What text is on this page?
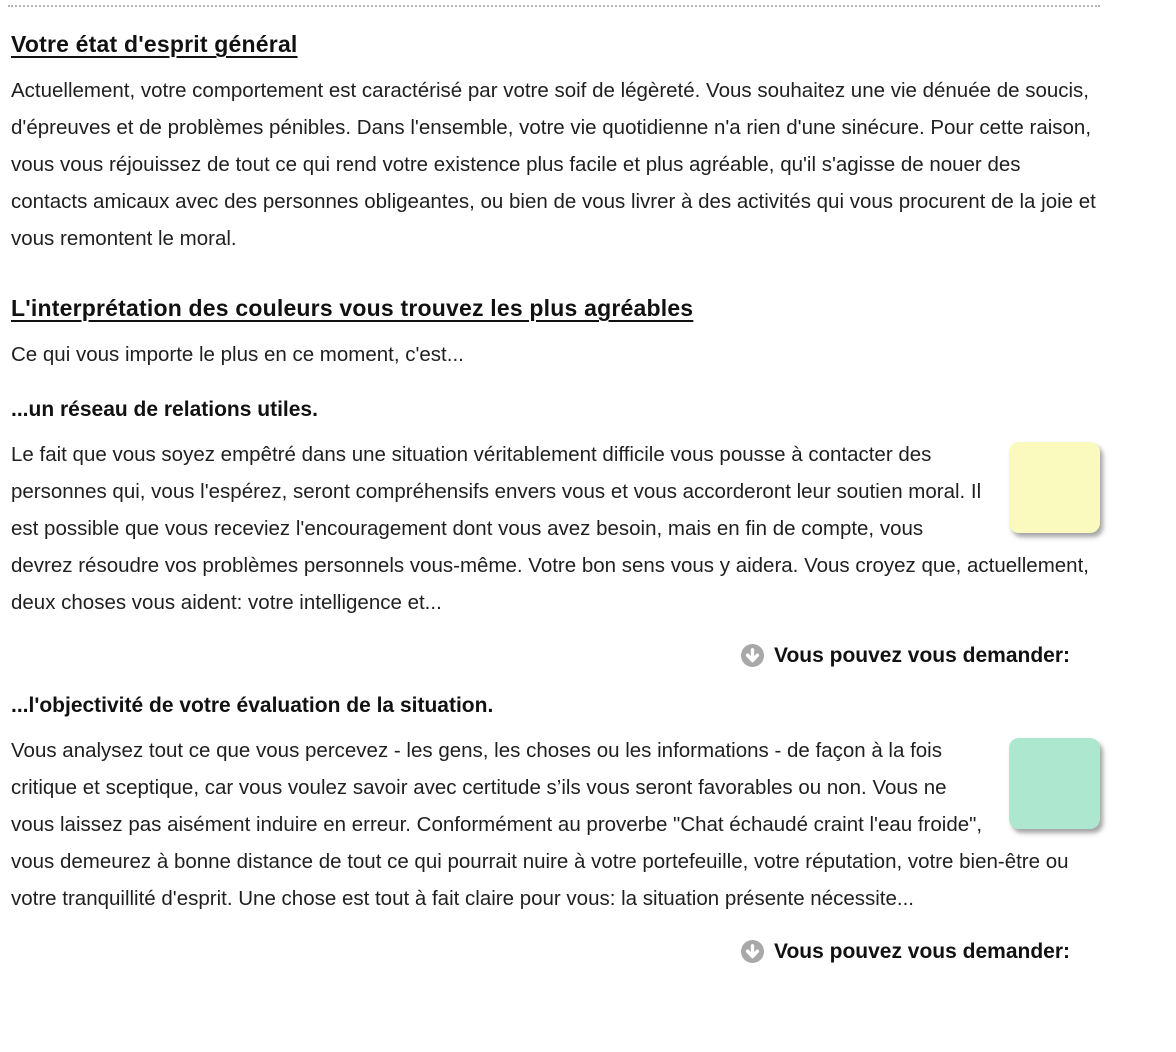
Votre état d'esprit général

Actuellement, votre comportement est caractérisé par votre soif de légèreté. Vous souhaitez une vie dénuée de soucis, d'épreuves et de problèmes pénibles. Dans l'ensemble, votre vie quotidienne n'a rien d'une sinécure. Pour cette raison, vous vous réjouissez de tout ce qui rend votre existence plus facile et plus agréable, qu'il s'agisse de nouer des contacts amicaux avec des personnes obligeantes, ou bien de vous livrer à des activités qui vous procurent de la joie et vous remontent le moral.

L'interprétation des couleurs vous trouvez les plus agréables

Ce qui vous importe le plus en ce moment, c'est...

...un réseau de relations utiles.

Le fait que vous soyez empêtré dans une situation véritablement difficile vous pousse à contacter des personnes qui, vous l'espérez, seront compréhensifs envers vous et vous accorderont leur soutien moral. Il est possible que vous receviez l'encouragement dont vous avez besoin, mais en fin de compte, vous devrez résoudre vos problèmes personnels vous-même. Votre bon sens vous y aidera. Vous croyez que, actuellement, deux choses vous aident: votre intelligence et...

Vous pouvez vous demander:
...l'objectivité de votre évaluation de la situation.

Vous analysez tout ce que vous percevez - les gens, les choses ou les informations - de façon à la fois critique et sceptique, car vous voulez savoir avec certitude s’ils vous seront favorables ou non. Vous ne vous laissez pas aisément induire en erreur. Conformément au proverbe "Chat échaudé craint l'eau froide", vous demeurez à bonne distance de tout ce qui pourrait nuire à votre portefeuille, votre réputation, votre bien-être ou votre tranquillité d'esprit. Une chose est tout à fait claire pour vous: la situation présente nécessite...

Vous pouvez vous demander:
